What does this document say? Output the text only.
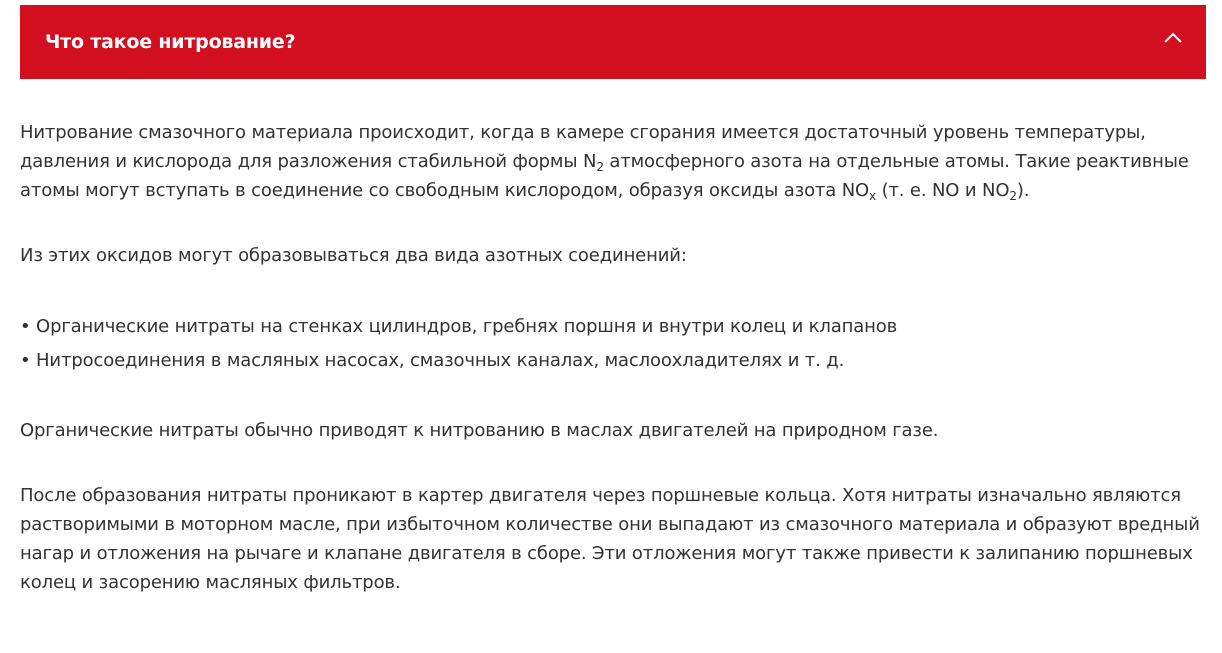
Что такое нитрование?

Нитрование смазочного материала происходит, когда в камере сгорания имеется достаточный уровень температуры, давления и кислорода для разложения стабильной формы $N_2$ атмосферного азота на отдельные атомы. Такие реактивные атомы могут вступать в соединение со свободным кислородом, образуя оксиды азота $NO_x$ (т. е. NO и $NO_2$).

Из этих оксидов могут образовываться два вида азотных соединений:

• Органические нитраты на стенках цилиндров, гребнях поршня и внутри колец и клапанов
• Нитросоединения в масляных насосах, смазочных каналах, маслоохладителях и т. д.

Органические нитраты обычно приводят к нитрованию в маслах двигателей на природном газе.

После образования нитраты проникают в картер двигателя через поршневые кольца. Хотя нитраты изначально являются растворимыми в моторном масле, при избыточном количестве они выпадают из смазочного материала и образуют вредный нагар и отложения на рычаге и клапане двигателя в сборе. Эти отложения могут также привести к залипанию поршневых колец и засорению масляных фильтров.
